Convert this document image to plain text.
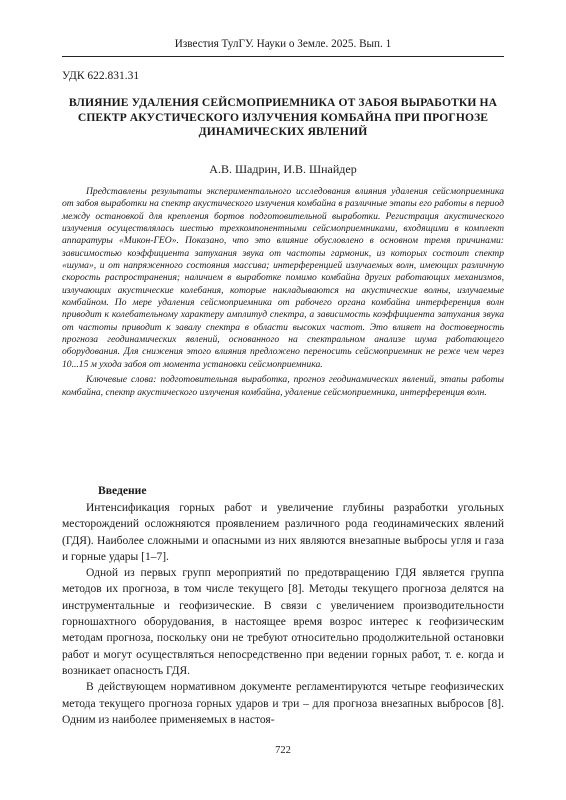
Известия ТулГУ. Науки о Земле. 2025. Вып. 1
УДК 622.831.31
ВЛИЯНИЕ УДАЛЕНИЯ СЕЙСМОПРИЕМНИКА ОТ ЗАБОЯ ВЫРАБОТКИ НА СПЕКТР АКУСТИЧЕСКОГО ИЗЛУЧЕНИЯ КОМБАЙНА ПРИ ПРОГНОЗЕ ДИНАМИЧЕСКИХ ЯВЛЕНИЙ
А.В. Шадрин, И.В. Шнайдер

Представлены результаты экспериментального исследования влияния удаления сейсмоприемника от забоя выработки на спектр акустического излучения комбайна в различные этапы его работы в период между остановкой для крепления бортов подготовительной выработки. Регистрация акустического излучения осуществлялась шестью трехкомпонентными сейсмоприемниками, входящими в комплект аппаратуры «Микон-ГЕО». Показано, что это влияние обусловлено в основном тремя причинами: зависимостью коэффициента затухания звука от частоты гармоник, из которых состоит спектр «шума», и от напряженного состояния массива; интерференцией излучаемых волн, имеющих различную скорость распространения; наличием в выработке помимо комбайна других работающих механизмов, излучающих акустические колебания, которые накладываются на акустические волны, излучаемые комбайном. По мере удаления сейсмоприемника от рабочего органа комбайна интерференция волн приводит к колебательному характеру амплитуд спектра, а зависимость коэффициента затухания звука от частоты приводит к завалу спектра в области высоких частот. Это влияет на достоверность прогноза геодинамических явлений, основанного на спектральном анализе шума работающего оборудования. Для снижения этого влияния предложено переносить сейсмоприемник не реже чем через 10...15 м ухода забоя от момента установки сейсмоприемника.

Ключевые слова: подготовительная выработка, прогноз геодинамических явлений, этапы работы комбайна, спектр акустического излучения комбайна, удаление сейсмоприемника, интерференция волн.

Введение

Интенсификация горных работ и увеличение глубины разработки угольных месторождений осложняются проявлением различного рода геодинамических явлений (ГДЯ). Наиболее сложными и опасными из них являются внезапные выбросы угля и газа и горные удары [1–7].

Одной из первых групп мероприятий по предотвращению ГДЯ является группа методов их прогноза, в том числе текущего [8]. Методы текущего прогноза делятся на инструментальные и геофизические. В связи с увеличением производительности горношахтного оборудования, в настоящее время возрос интерес к геофизическим методам прогноза, поскольку они не требуют относительно продолжительной остановки работ и могут осуществляться непосредственно при ведении горных работ, т. е. когда и возникает опасность ГДЯ.

В действующем нормативном документе регламентируются четыре геофизических метода текущего прогноза горных ударов и три – для прогноза внезапных выбросов [8]. Одним из наиболее применяемых в настоя-

722
